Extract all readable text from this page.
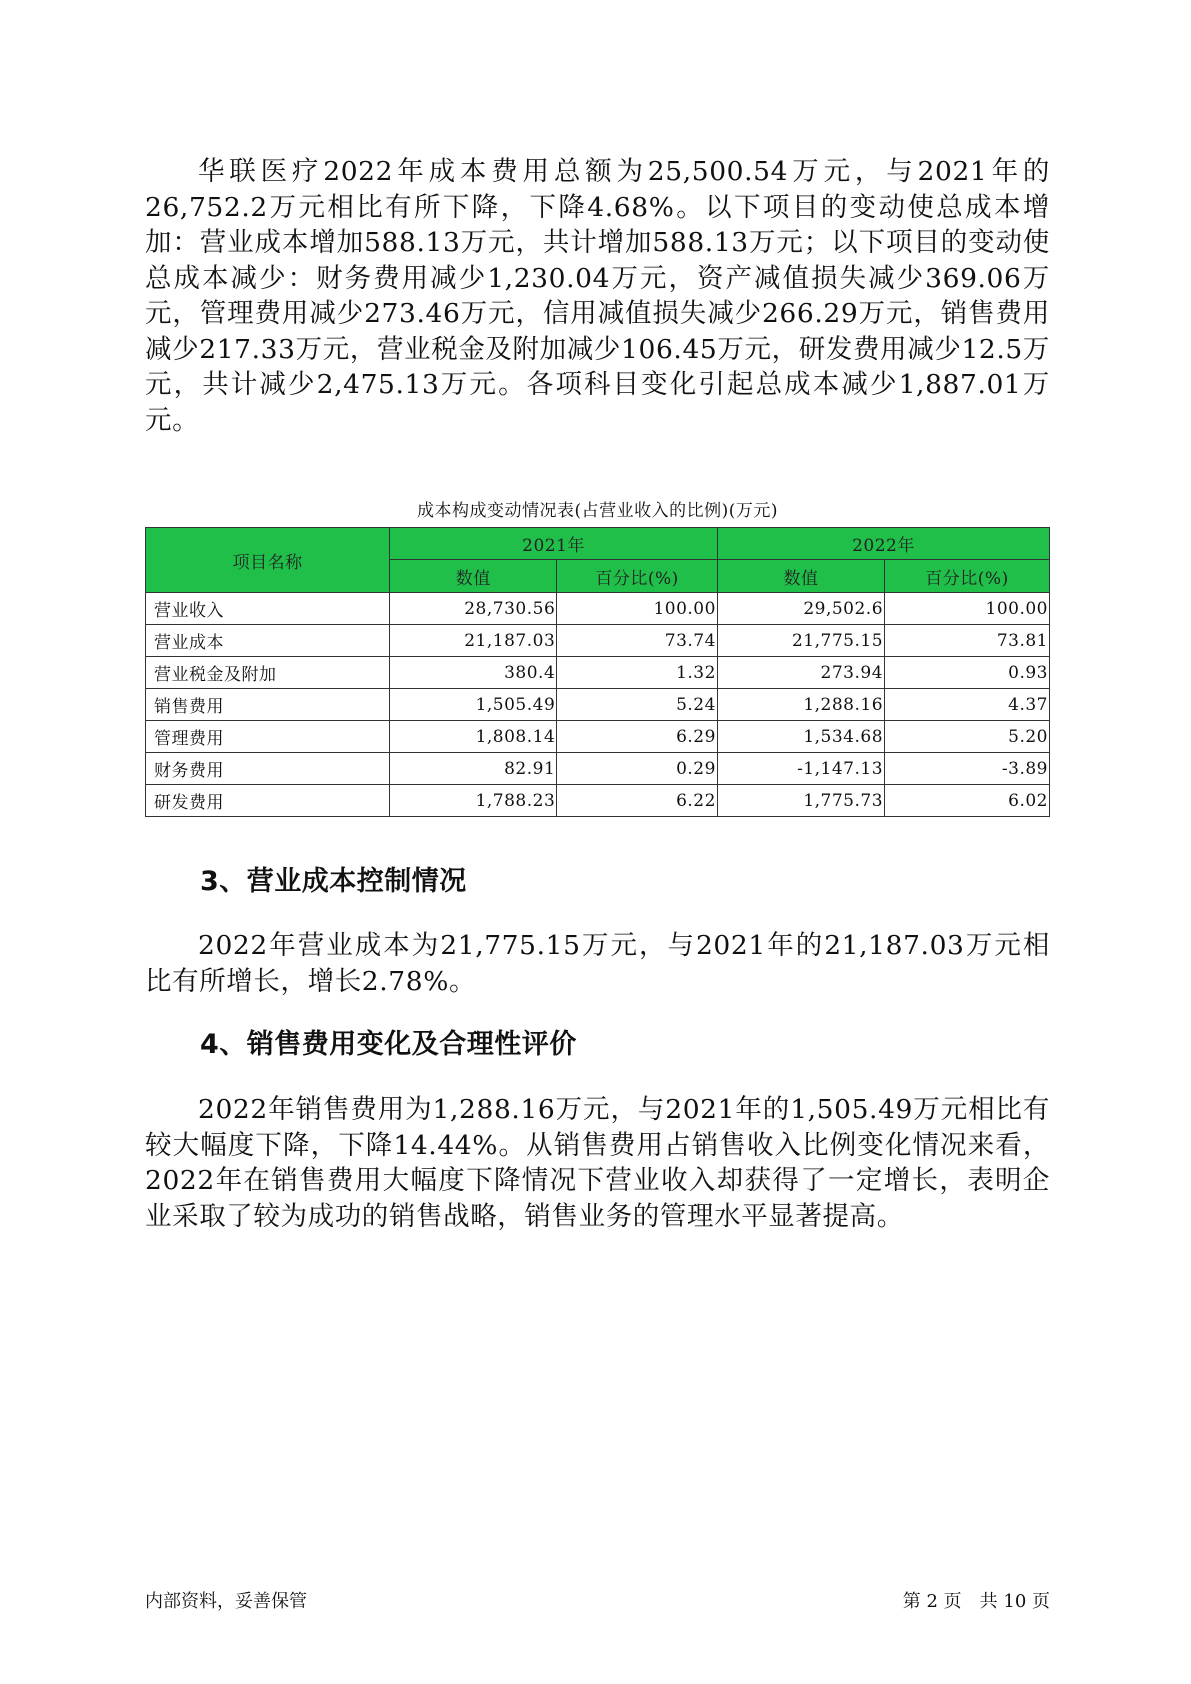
华联医疗2022年成本费用总额为25,500.54万元，与2021年的26,752.2万元相比有所下降，下降4.68%。以下项目的变动使总成本增加：营业成本增加588.13万元，共计增加588.13万元；以下项目的变动使总成本减少：财务费用减少1,230.04万元，资产减值损失减少369.06万元，管理费用减少273.46万元，信用减值损失减少266.29万元，销售费用减少217.33万元，营业税金及附加减少106.45万元，研发费用减少12.5万元，共计减少2,475.13万元。各项科目变化引起总成本减少1,887.01万元。

成本构成变动情况表(占营业收入的比例)(万元)
项目名称	2021年		2022年	
	数值	百分比(%)	数值	百分比(%)
营业收入	28,730.56	100.00	29,502.6	100.00
营业成本	21,187.03	73.74	21,775.15	73.81
营业税金及附加	380.4	1.32	273.94	0.93
销售费用	1,505.49	5.24	1,288.16	4.37
管理费用	1,808.14	6.29	1,534.68	5.20
财务费用	82.91	0.29	-1,147.13	-3.89
研发费用	1,788.23	6.22	1,775.73	6.02
3、营业成本控制情况

2022年营业成本为21,775.15万元，与2021年的21,187.03万元相比有所增长，增长2.78%。

4、销售费用变化及合理性评价

2022年销售费用为1,288.16万元，与2021年的1,505.49万元相比有较大幅度下降，下降14.44%。从销售费用占销售收入比例变化情况来看，2022年在销售费用大幅度下降情况下营业收入却获得了一定增长，表明企业采取了较为成功的销售战略，销售业务的管理水平显著提高。

内部资料，妥善保管	第 2 页　共 10 页
